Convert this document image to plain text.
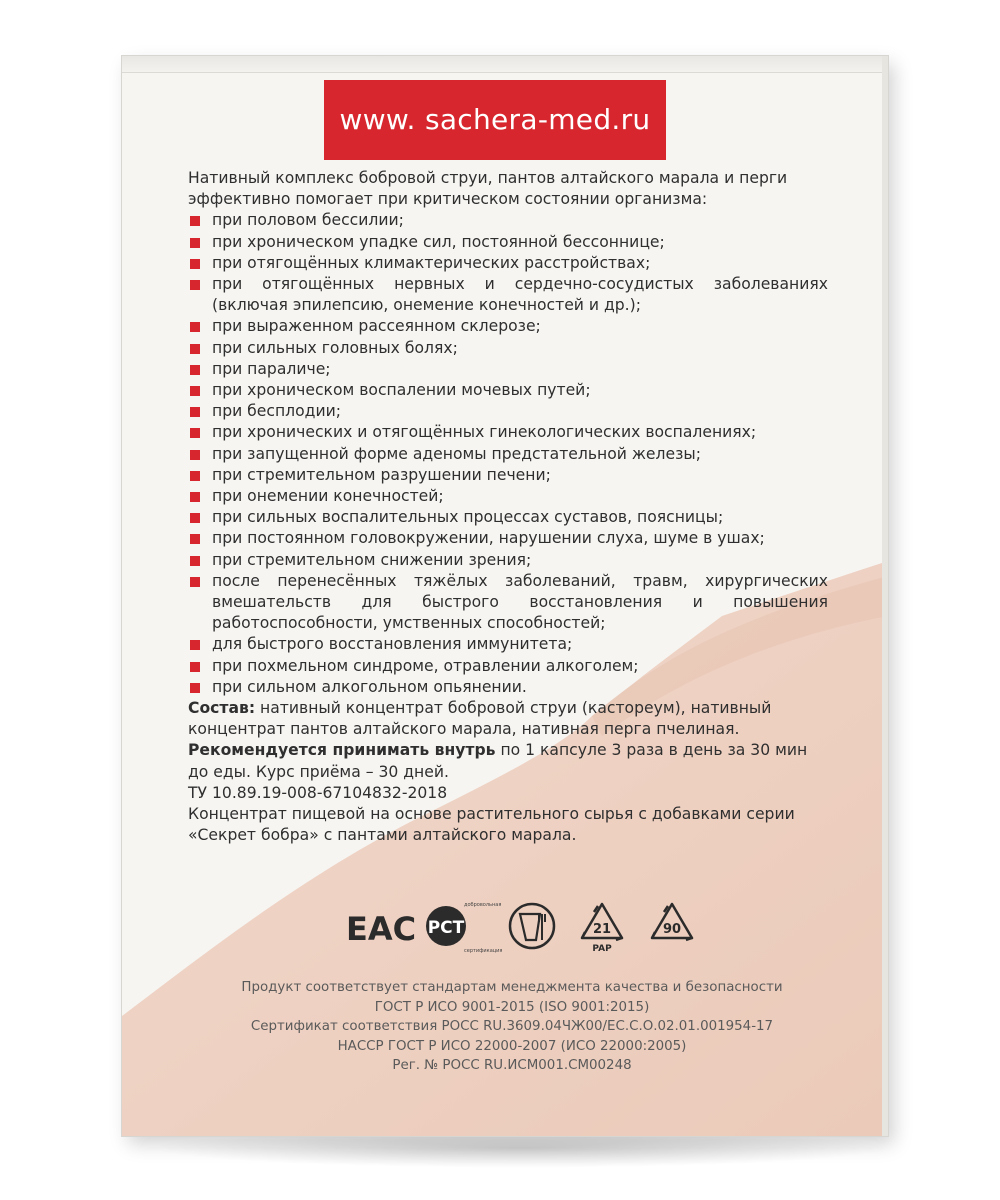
www. sachera-med.ru

Нативный комплекс бобровой струи, пантов алтайского марала и перги эффективно помогает при критическом состоянии организма:

при половом бессилии;
при хроническом упадке сил, постоянной бессоннице;
при отягощённых климактерических расстройствах;
при отягощённых нервных и сердечно-сосудистых заболеваниях (включая эпилепсию, онемение конечностей и др.);
при выраженном рассеянном склерозе;
при сильных головных болях;
при параличе;
при хроническом воспалении мочевых путей;
при бесплодии;
при хронических и отягощённых гинекологических воспалениях;
при запущенной форме аденомы предстательной железы;
при стремительном разрушении печени;
при онемении конечностей;
при сильных воспалительных процессах суставов, поясницы;
при постоянном головокружении, нарушении слуха, шуме в ушах;
при стремительном снижении зрения;
после перенесённых тяжёлых заболеваний, травм, хирургических вмешательств для быстрого восстановления и повышения работоспособности, умственных способностей;
для быстрого восстановления иммунитета;
при похмельном синдроме, отравлении алкоголем;
при сильном алкогольном опьянении.

Состав: нативный концентрат бобровой струи (кастореум), нативный концентрат пантов алтайского марала, нативная перга пчелиная.

Рекомендуется принимать внутрь по 1 капсуле 3 раза в день за 30 мин до еды. Курс приёма – 30 дней.

ТУ 10.89.19-008-67104832-2018

Концентрат пищевой на основе растительного сырья с добавками серии «Секрет бобра» с пантами алтайского марала.

ЕАС
добровольная
сертификация
РСТ	21
PAP
90

Продукт соответствует стандартам менеджмента качества и безопасности

ГОСТ Р ИСО 9001-2015 (ISO 9001:2015)

Сертификат соответствия РОСС RU.3609.04ЧЖ00/ЕС.С.О.02.01.001954-17

НАССР ГОСТ Р ИСО 22000-2007 (ИСО 22000:2005)

Рег. № РОСС RU.ИСМ001.СМ00248
